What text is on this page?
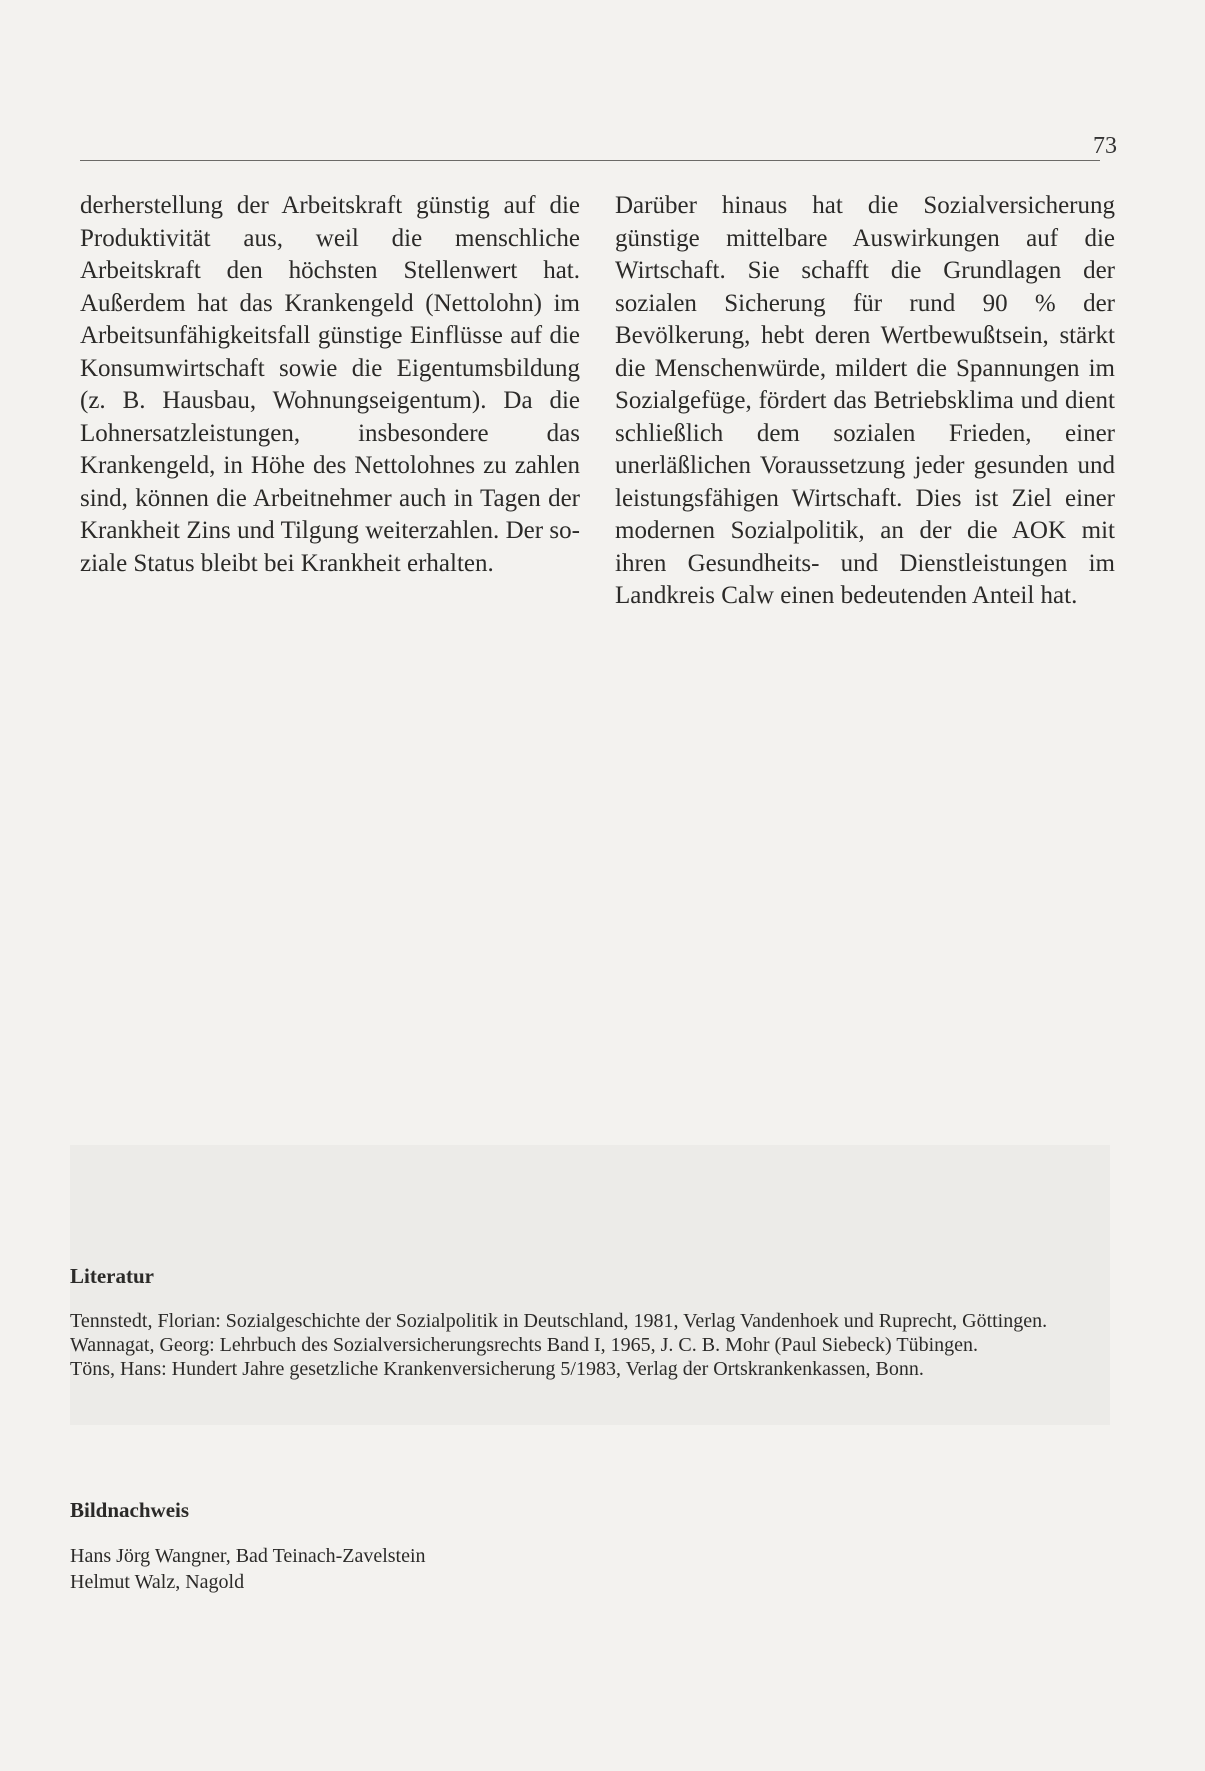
73
derherstellung der Arbeitskraft günstig auf die Produktivität aus, weil die menschliche Arbeitskraft den höchsten Stellenwert hat. Außerdem hat das Krankengeld (Nettolohn) im Arbeitsunfähigkeitsfall günstige Einflüsse auf die Konsumwirtschaft sowie die Eigentumsbildung (z. B. Hausbau, Wohnungseigentum). Da die Lohnersatzleistungen, insbesondere das Krankengeld, in Höhe des Nettolohnes zu zahlen sind, können die Arbeitnehmer auch in Tagen der Krankheit Zins und Tilgung weiterzahlen. Der soziale Status bleibt bei Krankheit erhalten.
Darüber hinaus hat die Sozialversicherung günstige mittelbare Auswirkungen auf die Wirtschaft. Sie schafft die Grundlagen der sozialen Sicherung für rund 90 % der Bevölkerung, hebt deren Wertbewußtsein, stärkt die Menschenwürde, mildert die Spannungen im Sozialgefüge, fördert das Betriebsklima und dient schließlich dem sozialen Frieden, einer unerläßlichen Voraussetzung jeder gesunden und leistungsfähigen Wirtschaft. Dies ist Ziel einer modernen Sozialpolitik, an der die AOK mit ihren Gesundheits- und Dienstleistungen im Landkreis Calw einen bedeutenden Anteil hat.
Literatur

Tennstedt, Florian: Sozialgeschichte der Sozialpolitik in Deutschland, 1981, Verlag Vandenhoek und Ruprecht, Göttingen.

Wannagat, Georg: Lehrbuch des Sozialversicherungsrechts Band I, 1965, J. C. B. Mohr (Paul Siebeck) Tübingen.

Töns, Hans: Hundert Jahre gesetzliche Krankenversicherung 5/1983, Verlag der Ortskrankenkassen, Bonn.

Bildnachweis

Hans Jörg Wangner, Bad Teinach-Zavelstein

Helmut Walz, Nagold
